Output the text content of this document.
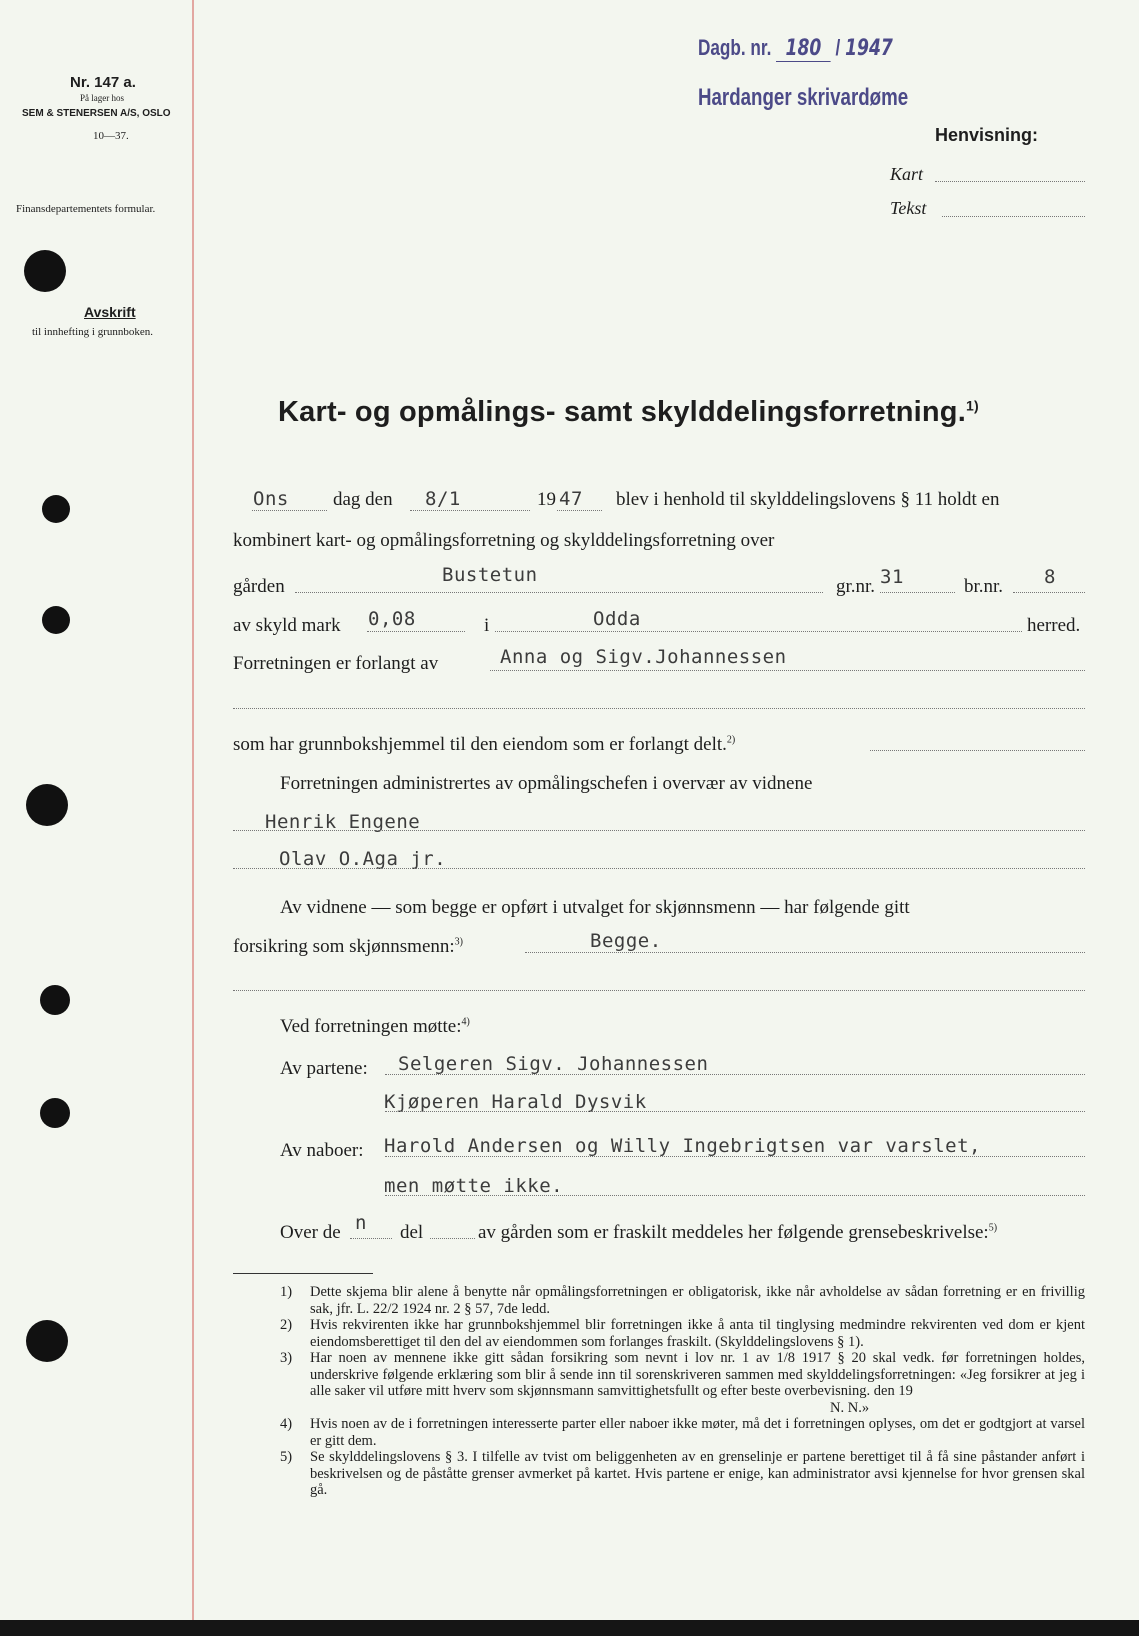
Nr. 147 a.
På lager hos
SEM & STENERSEN A/S, OSLO
10—37.
Finansdepartementets formular.
Avskrift
til innhefting i grunnboken.
Dagb. nr. 180 / 1947
Hardanger skrivardøme
Henvisning:
Kart
Tekst
Kart- og opmålings- samt skylddelingsforretning.$^{1)}$
Ons dag den 8/1	19 47 blev i henhold til skylddelingslovens § 11 holdt en
kombinert kart- og opmålingsforretning og skylddelingsforretning over
gården
Bustetun
gr.nr. 31	br.nr. 8
av skyld mark 0,08	i	Odda	herred.
Forretningen er forlangt av	Anna og Sigv.Johannessen
som har grunnbokshjemmel til den eiendom som er forlangt delt.$^{2)}$
Forretningen administrertes av opmålingschefen i overvær av vidnene
Henrik Engene
Olav O.Aga jr.
Av vidnene — som begge er opført i utvalget for skjønnsmenn — har følgende gitt
forsikring som skjønnsmenn:$^{3)}$	Begge.
Ved forretningen møtte:$^{4)}$
Av partene: Selgeren Sigv. Johannessen
Kjøperen Harald Dysvik
Av naboer: Harold Andersen og Willy Ingebrigtsen var varslet,
men møtte ikke.
Over de n del	av gården som er fraskilt meddeles her følgende grensebeskrivelse:$^{5)}$
1) Dette skjema blir alene å benytte når opmålingsforretningen er obligatorisk, ikke når avholdelse av sådan forretning er en frivillig sak, jfr. L. 22/2 1924 nr. 2 § 57, 7de ledd.
2) Hvis rekvirenten ikke har grunnbokshjemmel blir forretningen ikke å anta til tinglysing medmindre rekvirenten ved dom er kjent eiendomsberettiget til den del av eiendommen som forlanges fraskilt. (Skylddelingslovens § 1).
3) Har noen av mennene ikke gitt sådan forsikring som nevnt i lov nr. 1 av 1/8 1917 § 20 skal vedk. før forretningen holdes, underskrive følgende erklæring som blir å sende inn til sorenskriveren sammen med skylddelingsforretningen: «Jeg forsikrer at jeg i alle saker vil utføre mitt hverv som skjønnsmann samvittighetsfullt og efter beste overbevisning. den 19
N. N.»
4) Hvis noen av de i forretningen interesserte parter eller naboer ikke møter, må det i forretningen oplyses, om det er godtgjort at varsel er gitt dem.
5) Se skylddelingslovens § 3. I tilfelle av tvist om beliggenheten av en grenselinje er partene berettiget til å få sine påstander anført i beskrivelsen og de påståtte grenser avmerket på kartet. Hvis partene er enige, kan administrator avsi kjennelse for hvor grensen skal gå.
